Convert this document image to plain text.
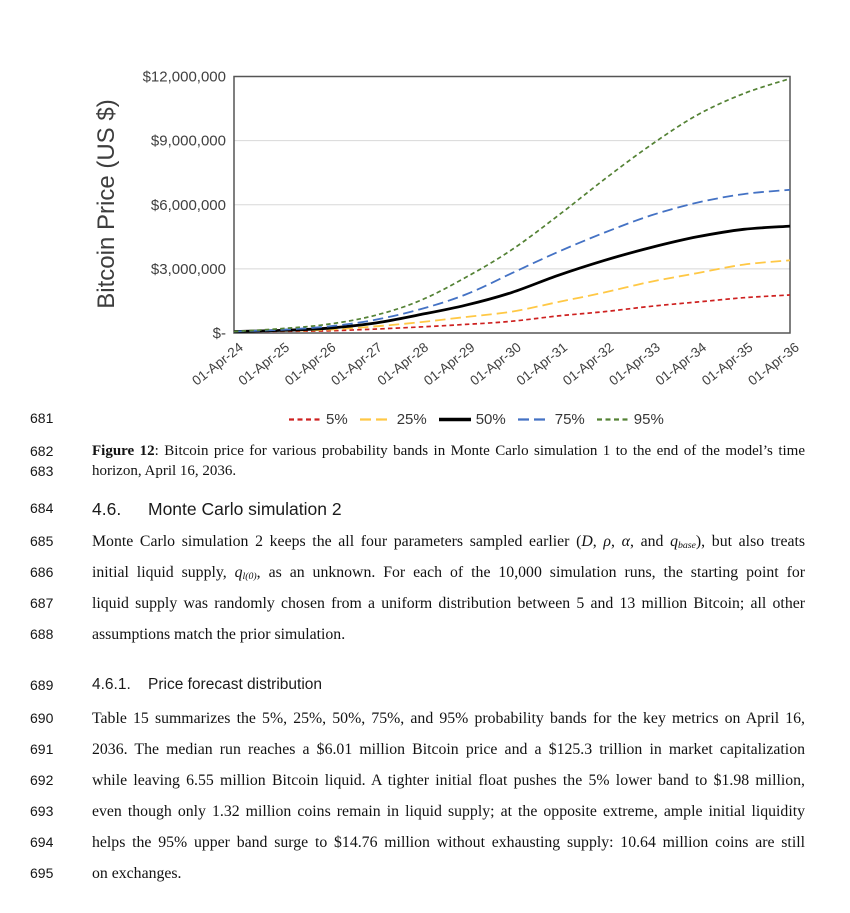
$12,000,000
$9,000,000
$6,000,000
$3,000,000
$-
01-Apr-24
01-Apr-25
01-Apr-26
01-Apr-27
01-Apr-28
01-Apr-29
01-Apr-30
01-Apr-31
01-Apr-32
01-Apr-33
01-Apr-34
01-Apr-35
01-Apr-36
Bitcoin Price (US $)
5%	25%	50%	75%	95%
681
682	Figure 12: Bitcoin price for various probability bands in Monte Carlo simulation 1 to the end of the model’s time
683	horizon, April 16, 2036.
684 4.6. Monte Carlo simulation 2
685 Monte Carlo simulation 2 keeps the all four parameters sampled earlier (D, ρ, α, and qbase), but also treats
686 initial liquid supply, ql(0), as an unknown. For each of the 10,000 simulation runs, the starting point for
687 liquid supply was randomly chosen from a uniform distribution between 5 and 13 million Bitcoin; all other
688 assumptions match the prior simulation.
689 4.6.1. Price forecast distribution
690 Table 15 summarizes the 5%, 25%, 50%, 75%, and 95% probability bands for the key metrics on April 16,
691 2036. The median run reaches a $6.01 million Bitcoin price and a $125.3 trillion in market capitalization
692 while leaving 6.55 million Bitcoin liquid. A tighter initial float pushes the 5% lower band to $1.98 million,
693 even though only 1.32 million coins remain in liquid supply; at the opposite extreme, ample initial liquidity
694 helps the 95% upper band surge to $14.76 million without exhausting supply: 10.64 million coins are still
695 on exchanges.
